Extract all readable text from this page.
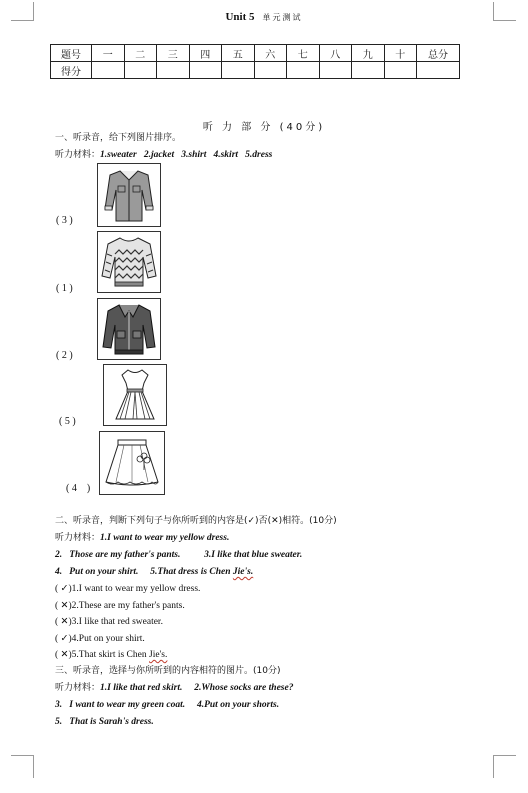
Unit 5 单元测试
题号	一	二	三	四	五	六	七	八	九	十	总分
得分											
听 力 部 分 (40分)
一、听录音，给下列图片排序。
听力材料：1.sweater   2.jacket   3.shirt   4.skirt   5.dress
( 3 )
( 1 )
( 2 )
( 5 )
( 4    )
二、听录音，判断下列句子与你所听到的内容是(✓)否(✕)相符。(10分)
听力材料：1.I want to wear my yellow dress.
2.   Those are my father's pants.          3.I like that blue sweater.
4.   Put on your shirt.     5.That dress is Chen Jie's.
( ✓)1.I want to wear my yellow dress.
( ✕)2.These are my father's pants.
( ✕)3.I like that red sweater.
( ✓)4.Put on your shirt.
( ✕)5.That skirt is Chen Jie's.
三、听录音，选择与你所听到的内容相符的图片。(10分)
听力材料：1.I like that red skirt.     2.Whose socks are these?
3.   I want to wear my green coat.     4.Put on your shorts.
5.   That is Sarah's dress.
